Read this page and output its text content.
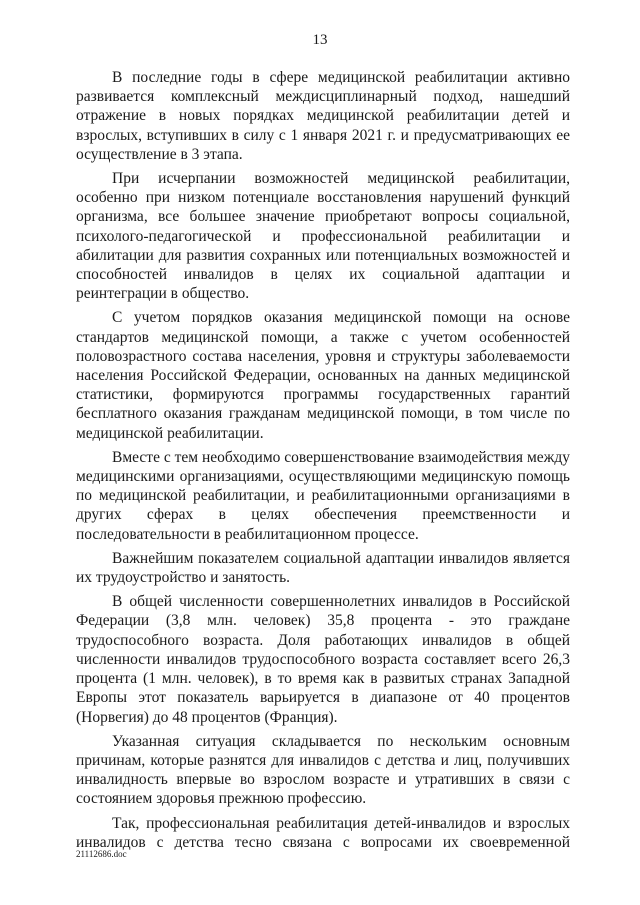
13

В последние годы в сфере медицинской реабилитации активно развивается комплексный междисциплинарный подход, нашедший отражение в новых порядках медицинской реабилитации детей и взрослых, вступивших в силу с 1 января 2021 г. и предусматривающих ее осуществление в 3 этапа.

При исчерпании возможностей медицинской реабилитации, особенно при низком потенциале восстановления нарушений функций организма, все большее значение приобретают вопросы социальной, психолого-педагогической и профессиональной реабилитации и абилитации для развития сохранных или потенциальных возможностей и способностей инвалидов в целях их социальной адаптации и реинтеграции в общество.

С учетом порядков оказания медицинской помощи на основе стандартов медицинской помощи, а также с учетом особенностей половозрастного состава населения, уровня и структуры заболеваемости населения Российской Федерации, основанных на данных медицинской статистики, формируются программы государственных гарантий бесплатного оказания гражданам медицинской помощи, в том числе по медицинской реабилитации.

Вместе с тем необходимо совершенствование взаимодействия между медицинскими организациями, осуществляющими медицинскую помощь по медицинской реабилитации, и реабилитационными организациями в других сферах в целях обеспечения преемственности и последовательности в реабилитационном процессе.

Важнейшим показателем социальной адаптации инвалидов является их трудоустройство и занятость.

В общей численности совершеннолетних инвалидов в Российской Федерации (3,8 млн. человек) 35,8 процента - это граждане трудоспособного возраста. Доля работающих инвалидов в общей численности инвалидов трудоспособного возраста составляет всего 26,3 процента (1 млн. человек), в то время как в развитых странах Западной Европы этот показатель варьируется в диапазоне от 40 процентов (Норвегия) до 48 процентов (Франция).

Указанная ситуация складывается по нескольким основным причинам, которые разнятся для инвалидов с детства и лиц, получивших инвалидность впервые во взрослом возрасте и утративших в связи с состоянием здоровья прежнюю профессию.

Так, профессиональная реабилитация детей-инвалидов и взрослых инвалидов с детства тесно связана с вопросами их своевременной

21112686.doc
